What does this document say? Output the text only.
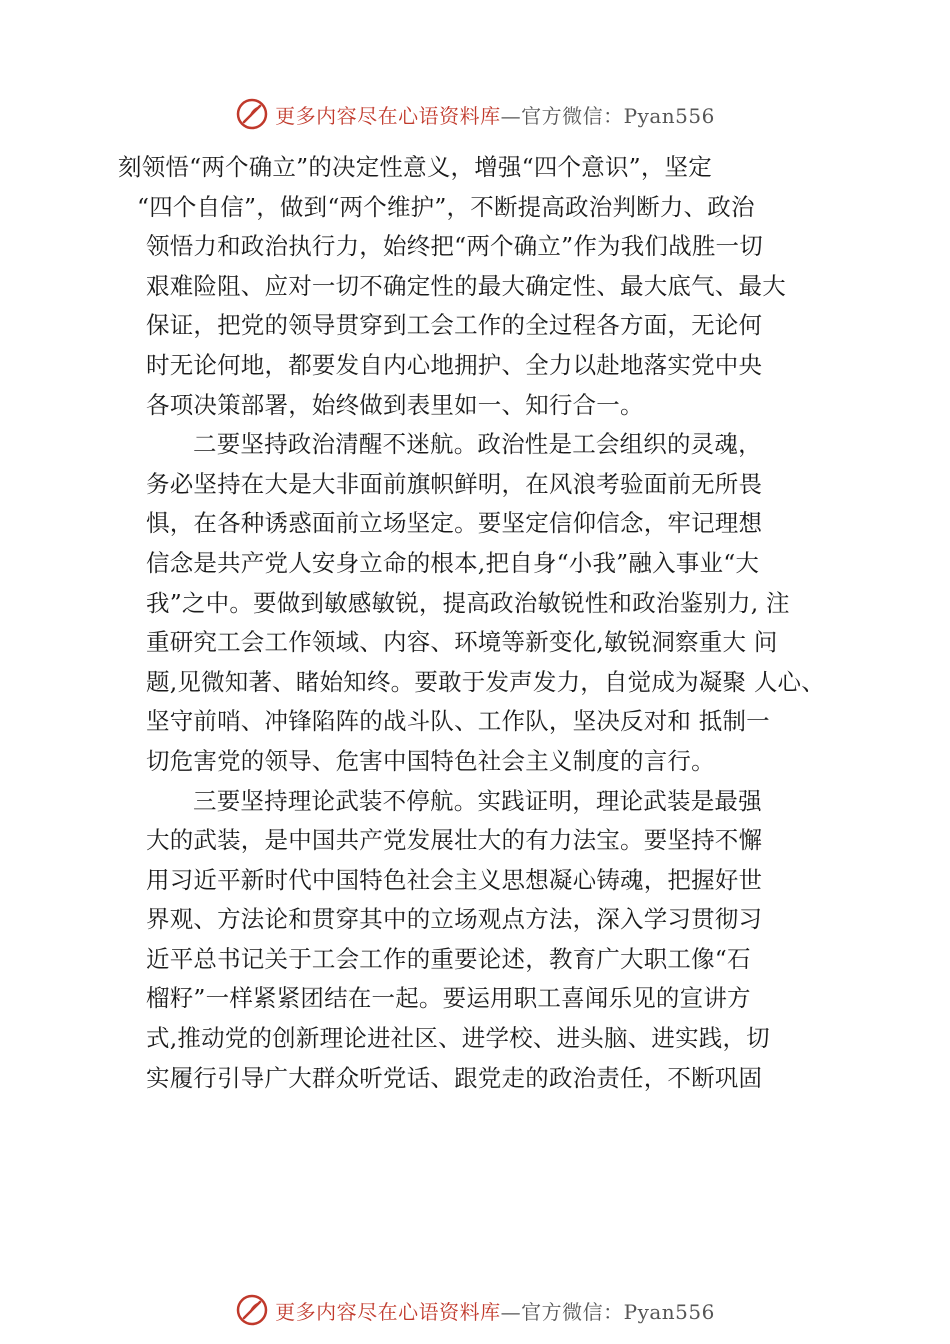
更多内容尽在心语资料库—官方微信：Pyan556
刻领悟“两个确立”的决定性意义，增强“四个意识”，坚定
“四个自信”，做到“两个维护”，不断提高政治判断力、政治
领悟力和政治执行力，始终把“两个确立”作为我们战胜一切
艰难险阻、应对一切不确定性的最大确定性、最大底气、最大
保证，把党的领导贯穿到工会工作的全过程各方面，无论何
时无论何地，都要发自内心地拥护、全力以赴地落实党中央
各项决策部署，始终做到表里如一、知行合一。
二要坚持政治清醒不迷航。政治性是工会组织的灵魂，
务必坚持在大是大非面前旗帜鲜明，在风浪考验面前无所畏
惧，在各种诱惑面前立场坚定。要坚定信仰信念，牢记理想
信念是共产党人安身立命的根本,把自身“小我”融入事业“大
我”之中。要做到敏感敏锐，提高政治敏锐性和政治鉴别力, 注
重研究工会工作领域、内容、环境等新变化,敏锐洞察重大 问
题,见微知著、睹始知终。要敢于发声发力，自觉成为凝聚 人心、
坚守前哨、冲锋陷阵的战斗队、工作队，坚决反对和 抵制一
切危害党的领导、危害中国特色社会主义制度的言行。
三要坚持理论武装不停航。实践证明，理论武装是最强
大的武装，是中国共产党发展壮大的有力法宝。要坚持不懈
用习近平新时代中国特色社会主义思想凝心铸魂，把握好世
界观、方法论和贯穿其中的立场观点方法，深入学习贯彻习
近平总书记关于工会工作的重要论述，教育广大职工像“石
榴籽”一样紧紧团结在一起。要运用职工喜闻乐见的宣讲方
式,推动党的创新理论进社区、进学校、进头脑、进实践，切
实履行引导广大群众听党话、跟党走的政治责任，不断巩固
更多内容尽在心语资料库—官方微信：Pyan556
